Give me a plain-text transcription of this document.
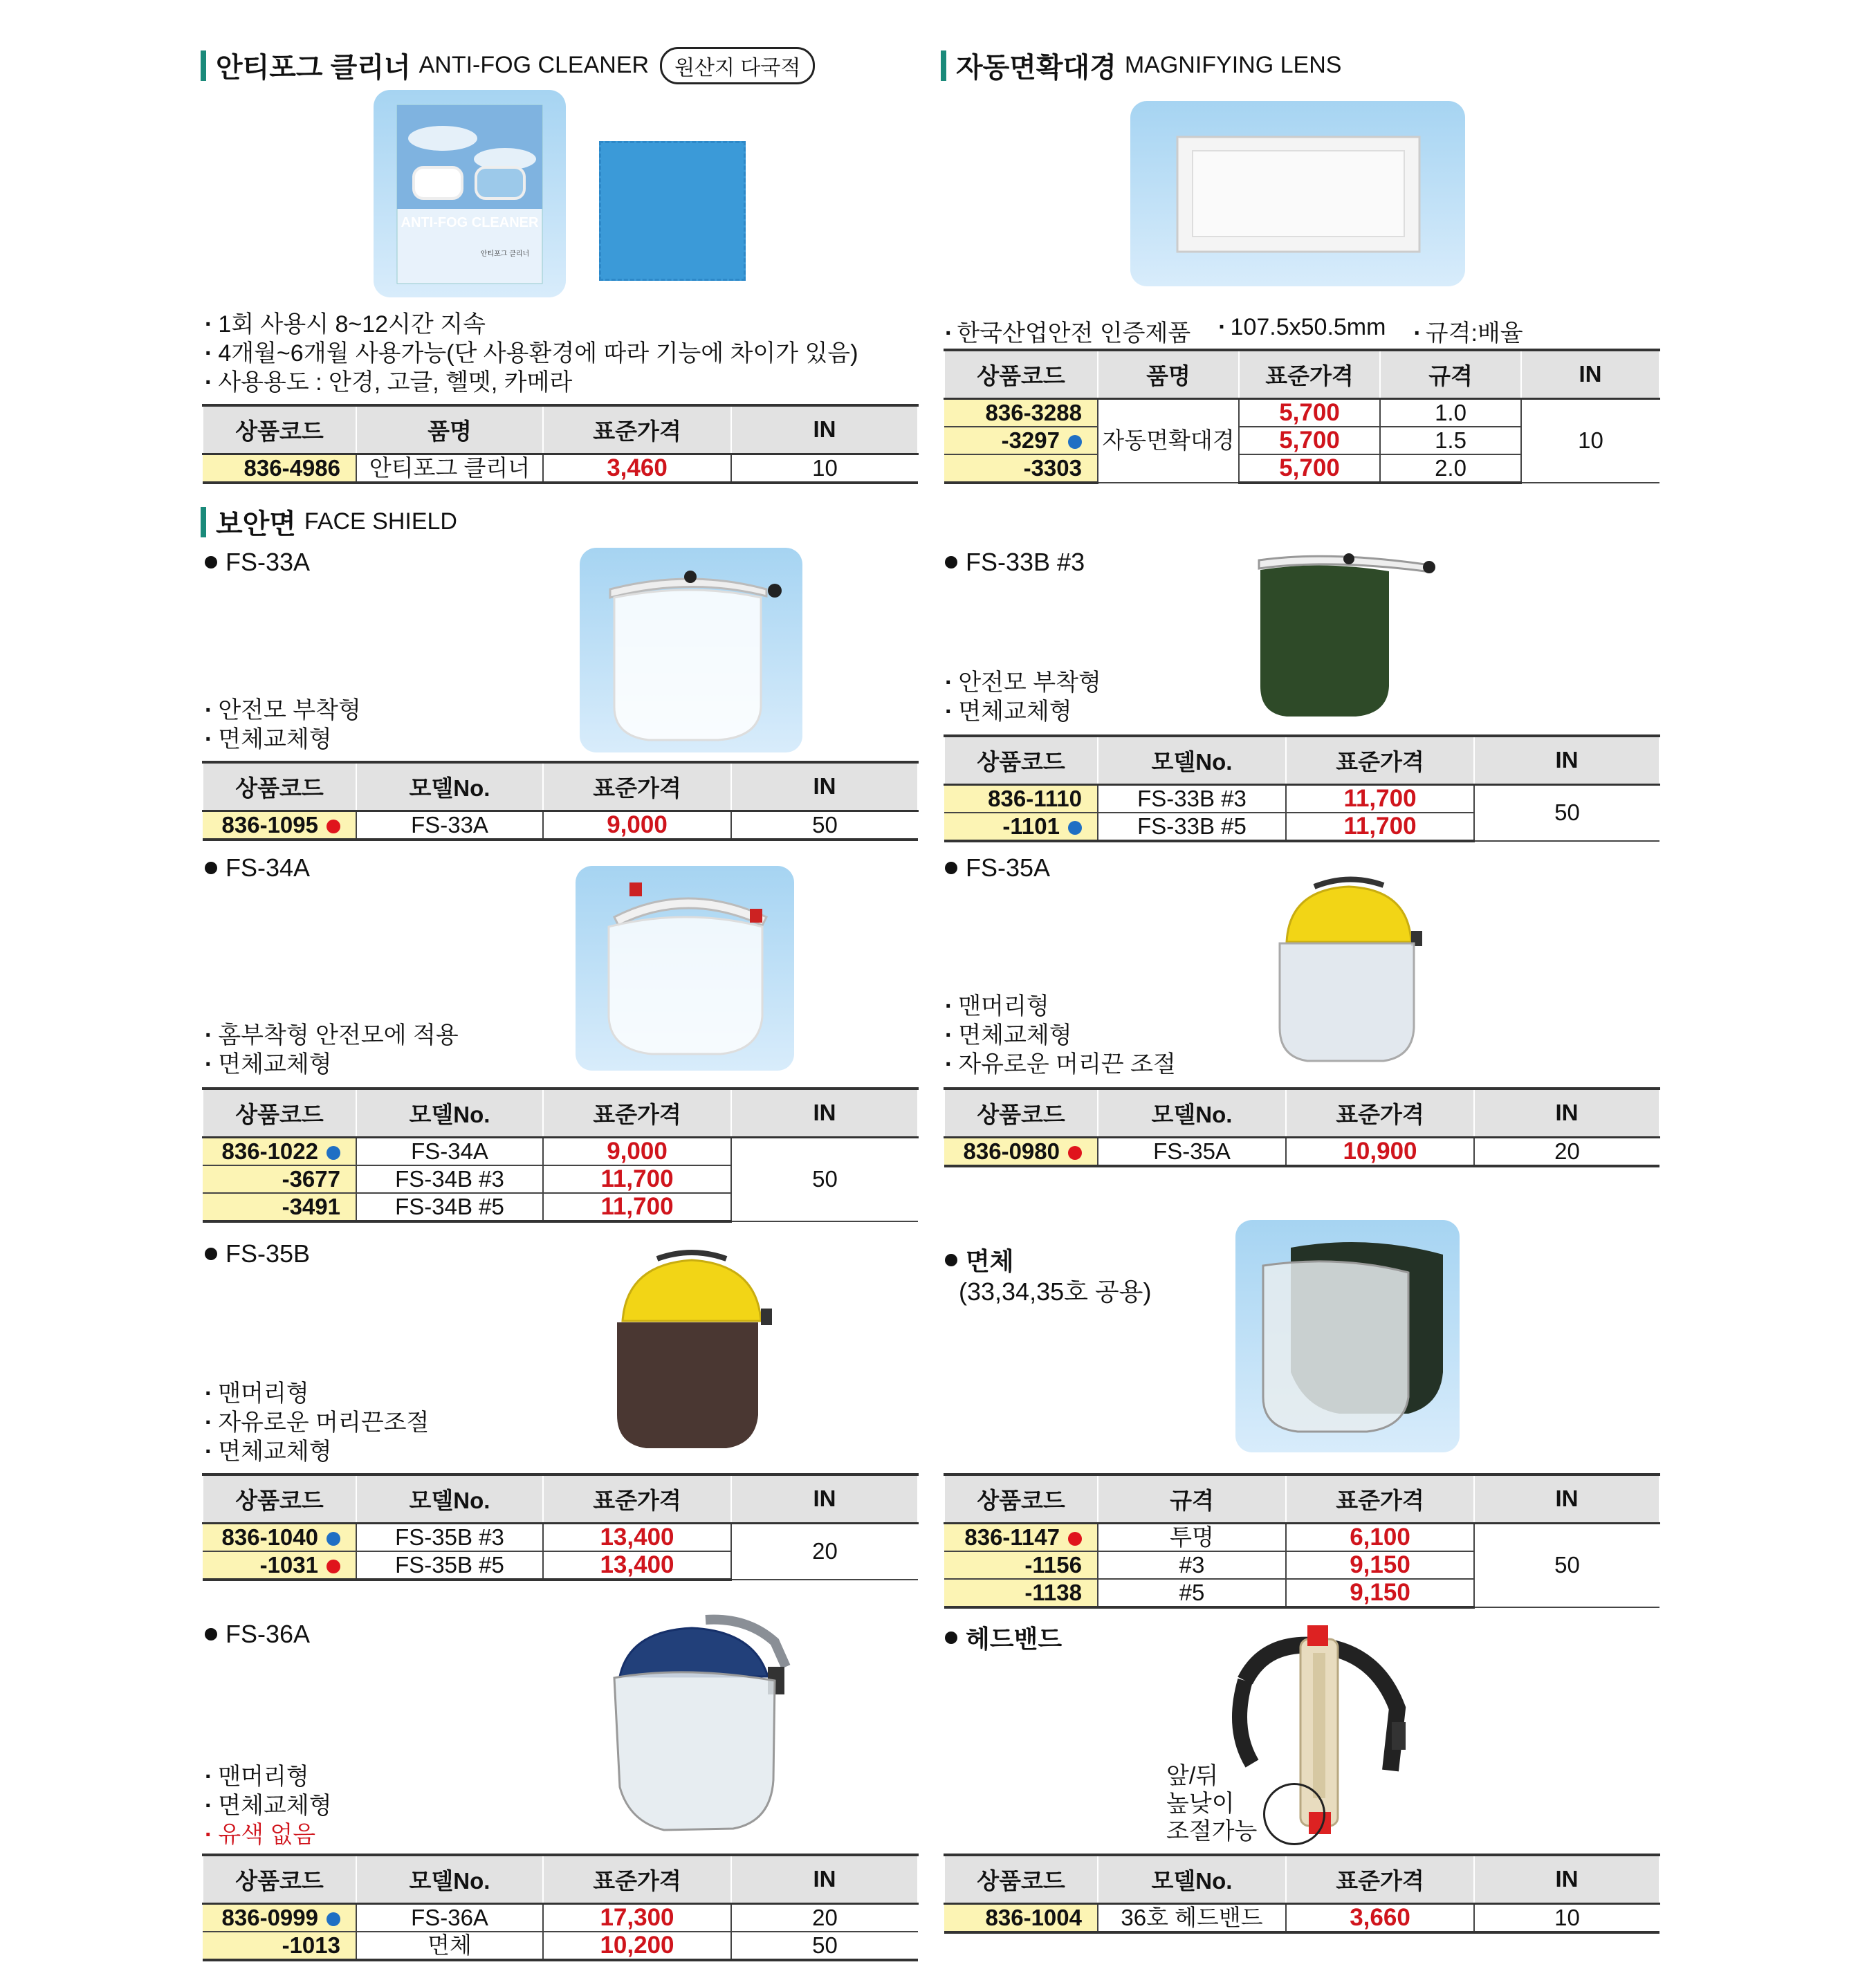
안티포그 클리너 ANTI-FOG CLEANER	원산지 다국적
ANTI-FOG CLEANER
안티포그 클리너
· 1회 사용시 8~12시간 지속
· 4개월~6개월 사용가능(단 사용환경에 따라 기능에 차이가 있음)
· 사용용도 : 안경, 고글, 헬멧, 카메라
상품코드	품명	표준가격	IN
836-4986	안티포그 클리너	3,460	10
자동면확대경 MAGNIFYING LENS
· 한국산업안전 인증제품	· 107.5x50.5mm	· 규격:배율
상품코드	품명	표준가격	규격	IN
836-3288	자동면확대경	5,700	1.0	10
-3297		5,700	1.5	
-3303		5,700	2.0	
보안면 FACE SHIELD
FS-33A
· 안전모 부착형
· 면체교체형
상품코드	모델No.	표준가격	IN
836-1095	FS-33A	9,000	50
FS-33B #3
· 안전모 부착형
· 면체교체형
상품코드	모델No.	표준가격	IN
836-1110	FS-33B #3	11,700	50
-1101	FS-33B #5	11,700	
FS-34A
· 홈부착형 안전모에 적용
· 면체교체형
상품코드	모델No.	표준가격	IN
836-1022	FS-34A	9,000	50
-3677	FS-34B #3	11,700	
-3491	FS-34B #5	11,700	
FS-35A
· 맨머리형
· 면체교체형
· 자유로운 머리끈 조절
상품코드	모델No.	표준가격	IN
836-0980	FS-35A	10,900	20
FS-35B
· 맨머리형
· 자유로운 머리끈조절
· 면체교체형
상품코드	모델No.	표준가격	IN
836-1040	FS-35B #3	13,400	20
-1031	FS-35B #5	13,400	
면체
(33,34,35호 공용)
상품코드	규격	표준가격	IN
836-1147	투명	6,100	50
-1156	#3	9,150	
-1138	#5	9,150	
FS-36A
· 맨머리형
· 면체교체형
· 유색 없음
상품코드	모델No.	표준가격	IN
836-0999	FS-36A	17,300	20
-1013	면체	10,200	50
헤드밴드
앞/뒤
높낮이
조절가능
상품코드	모델No.	표준가격	IN
836-1004	36호 헤드밴드	3,660	10
